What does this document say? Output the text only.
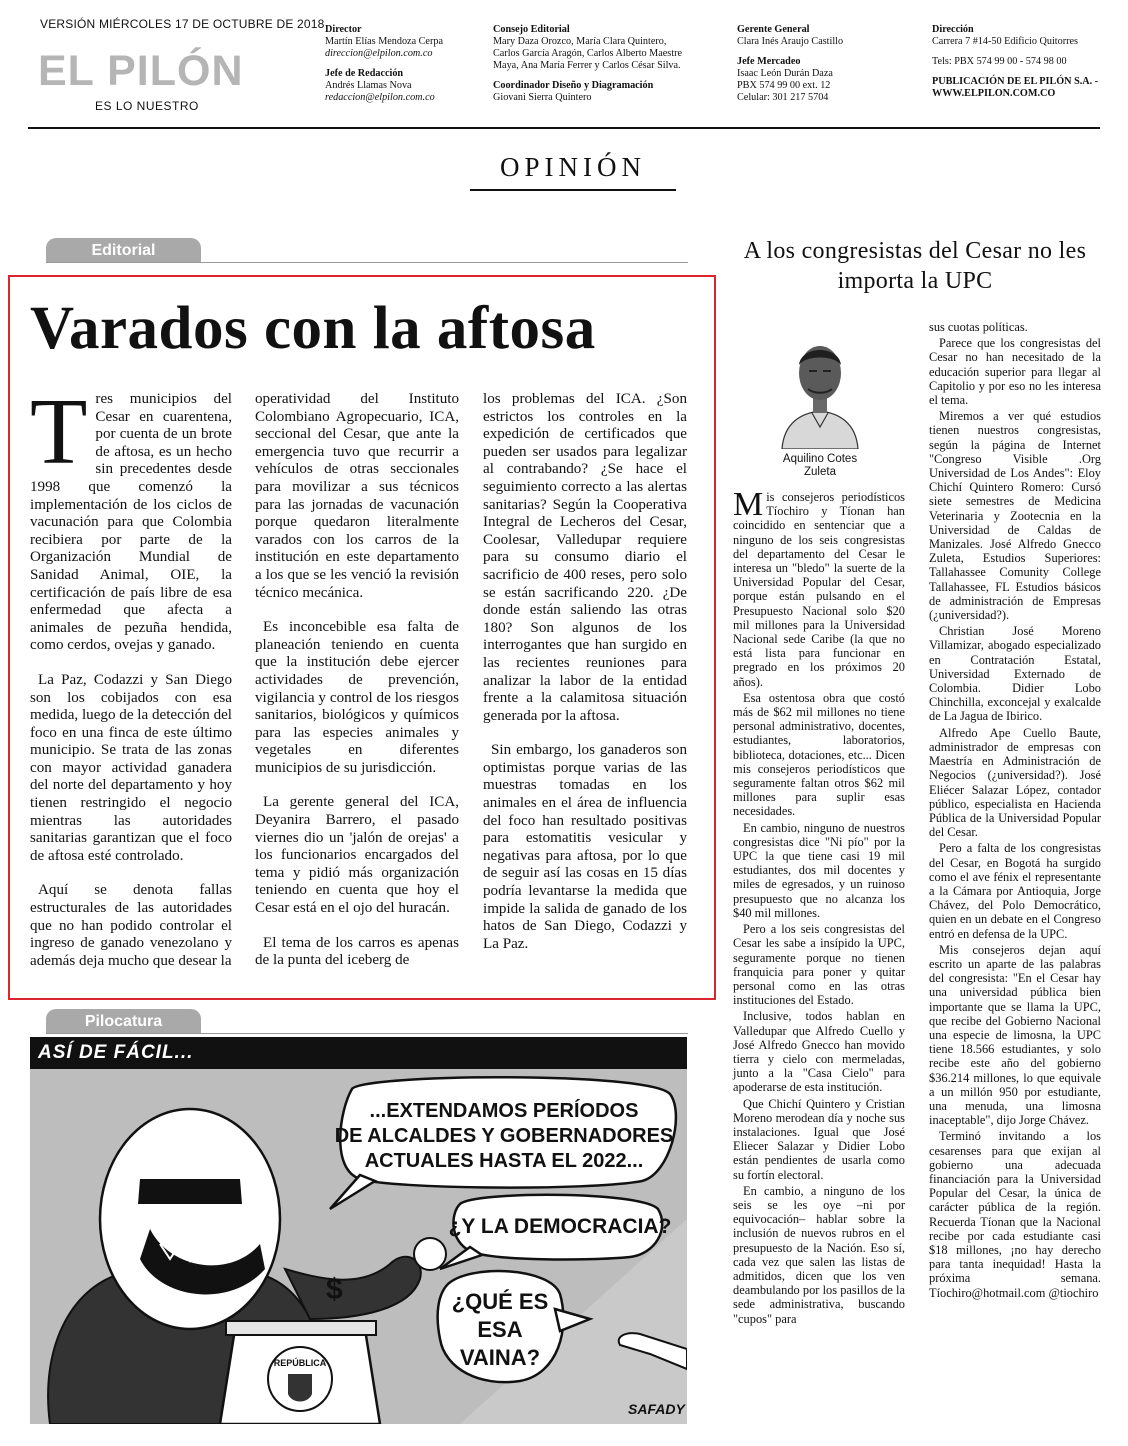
VERSIÓN MIÉRCOLES 17 DE OCTUBRE DE 2018
EL PILÓN
ES LO NUESTRO
Director
Martín Elías Mendoza Cerpa
direccion@elpilon.com.co
Jefe de Redacción
Andrés Llamas Nova
redaccion@elpilon.com.co
Consejo Editorial
Mary Daza Orozco, María Clara Quintero,
Carlos García Aragón, Carlos Alberto Maestre
Maya, Ana María Ferrer y Carlos César Silva.
Coordinador Diseño y Diagramación
Giovani Sierra Quintero
Gerente General
Clara Inés Araujo Castillo
Jefe Mercadeo
Isaac León Durán Daza
PBX 574 99 00 ext. 12
Celular: 301 217 5704
Dirección
Carrera 7 #14-50 Edificio Quitorres
Tels: PBX 574 99 00 - 574 98 00
PUBLICACIÓN DE EL PILÓN S.A. -
WWW.ELPILON.COM.CO
OPINIÓN
Editorial
Varados con la aftosa

Tres municipios del Cesar en cuarentena, por cuenta de un brote de aftosa, es un hecho sin precedentes desde 1998 que comenzó la implementación de los ciclos de vacunación para que Colombia recibiera por parte de la Organización Mundial de Sanidad Animal, OIE, la certificación de país libre de esa enfermedad que afecta a animales de pezuña hendida, como cerdos, ovejas y ganado.

La Paz, Codazzi y San Diego son los cobijados con esa medida, luego de la detección del foco en una finca de este último municipio. Se trata de las zonas con mayor actividad ganadera del norte del departamento y hoy tienen restringido el negocio mientras las autoridades sanitarias garantizan que el foco de aftosa esté controlado.

Aquí se denota fallas estructurales de las autoridades que no han podido controlar el ingreso de ganado venezolano y además deja mucho que desear la

operatividad del Instituto Colombiano Agropecuario, ICA, seccional del Cesar, que ante la emergencia tuvo que recurrir a vehículos de otras seccionales para movilizar a sus técnicos para las jornadas de vacunación porque quedaron literalmente varados con los carros de la institución en este departamento a los que se les venció la revisión técnico mecánica.

Es inconcebible esa falta de planeación teniendo en cuenta que la institución debe ejercer actividades de prevención, vigilancia y control de los riesgos sanitarios, biológicos y químicos para las especies animales y vegetales en diferentes municipios de su jurisdicción.

La gerente general del ICA, Deyanira Barrero, el pasado viernes dio un 'jalón de orejas' a los funcionarios encargados del tema y pidió más organización teniendo en cuenta que hoy el Cesar está en el ojo del huracán.

El tema de los carros es apenas de la punta del iceberg de

los problemas del ICA. ¿Son estrictos los controles en la expedición de certificados que pueden ser usados para legalizar al contrabando? ¿Se hace el seguimiento correcto a las alertas sanitarias? Según la Cooperativa Integral de Lecheros del Cesar, Coolesar, Valledupar requiere para su consumo diario el sacrificio de 400 reses, pero solo se están sacrificando 220. ¿De donde están saliendo las otras 180? Son algunos de los interrogantes que han surgido en las recientes reuniones para analizar la labor de la entidad frente a la calamitosa situación generada por la aftosa.

Sin embargo, los ganaderos son optimistas porque varias de las muestras tomadas en los animales en el área de influencia del foco han resultado positivas para estomatitis vesicular y negativas para aftosa, por lo que de seguir así las cosas en 15 días podría levantarse la medida que impide la salida de ganado de los hatos de San Diego, Codazzi y La Paz.

A los congresistas del Cesar no les importa la UPC
Aquilino Cotes Zuleta

Mis consejeros periodísticos Tíochiro y Tíonan han coincidido en sentenciar que a ninguno de los seis congresistas del departamento del Cesar le interesa un "bledo" la suerte de la Universidad Popular del Cesar, porque están pulsando en el Presupuesto Nacional solo $20 mil millones para la Universidad Nacional sede Caribe (la que no está lista para funcionar en pregrado en los próximos 20 años).

Esa ostentosa obra que costó más de $62 mil millones no tiene personal administrativo, docentes, estudiantes, laboratorios, biblioteca, dotaciones, etc... Dicen mis consejeros periodísticos que seguramente faltan otros $62 mil millones para suplir esas necesidades.

En cambio, ninguno de nuestros congresistas dice "Ni pío" por la UPC la que tiene casi 19 mil estudiantes, dos mil docentes y miles de egresados, y un ruinoso presupuesto que no alcanza los $40 mil millones.

Pero a los seis congresistas del Cesar les sabe a insípido la UPC, seguramente porque no tienen franquicia para poner y quitar personal como en las otras instituciones del Estado.

Inclusive, todos hablan en Valledupar que Alfredo Cuello y José Alfredo Gnecco han movido tierra y cielo con mermeladas, junto a la "Casa Cielo" para apoderarse de esta institución.

Que Chichí Quintero y Cristian Moreno merodean día y noche sus instalaciones. Igual que José Eliecer Salazar y Didier Lobo están pendientes de usarla como su fortín electoral.

En cambio, a ninguno de los seis se les oye –ni por equivocación– hablar sobre la inclusión de nuevos rubros en el presupuesto de la Nación. Eso sí, cada vez que salen las listas de admitidos, dicen que los ven deambulando por los pasillos de la sede administrativa, buscando "cupos" para

sus cuotas políticas.

Parece que los congresistas del Cesar no han necesitado de la educación superior para llegar al Capitolio y por eso no les interesa el tema.

Miremos a ver qué estudios tienen nuestros congresistas, según la página de Internet "Congreso Visible .Org Universidad de Los Andes": Eloy Chichí Quintero Romero: Cursó siete semestres de Medicina Veterinaria y Zootecnia en la Universidad de Caldas de Manizales. José Alfredo Gnecco Zuleta, Estudios Superiores: Tallahassee Comunity College Tallahassee, FL Estudios básicos de administración de Empresas (¿universidad?).

Christian José Moreno Villamizar, abogado especializado en Contratación Estatal, Universidad Externado de Colombia. Didier Lobo Chinchilla, exconcejal y exalcalde de La Jagua de Ibirico.

Alfredo Ape Cuello Baute, administrador de empresas con Maestría en Administración de Negocios (¿universidad?). José Eliécer Salazar López, contador público, especialista en Hacienda Pública de la Universidad Popular del Cesar.

Pero a falta de los congresistas del Cesar, en Bogotá ha surgido como el ave fénix el representante a la Cámara por Antioquia, Jorge Chávez, del Polo Democrático, quien en un debate en el Congreso entró en defensa de la UPC.

Mis consejeros dejan aquí escrito un aparte de las palabras del congresista: "En el Cesar hay una universidad pública bien importante que se llama la UPC, que recibe del Gobierno Nacional una especie de limosna, la UPC tiene 18.566 estudiantes, y solo recibe este año del gobierno $36.214 millones, lo que equivale a un millón 950 por estudiante, una menuda, una limosna inaceptable", dijo Jorge Chávez.

Terminó invitando a los cesarenses para que exijan al gobierno una adecuada financiación para la Universidad Popular del Cesar, la única de carácter pública de la región. Recuerda Tíonan que la Nacional recibe por cada estudiante casi $18 millones, ¡no hay derecho para tanta inequidad! Hasta la próxima semana. Tíochiro@hotmail.com @tiochiro

Pilocatura
ASÍ DE FÁCIL...
...EXTENDAMOS PERÍODOS
DE ALCALDES Y GOBERNADORES
ACTUALES HASTA EL 2022...
¿Y LA DEMOCRACIA?
¿QUÉ ES
ESA
VAINA?
$
REPÚBLICA
SAFADY
